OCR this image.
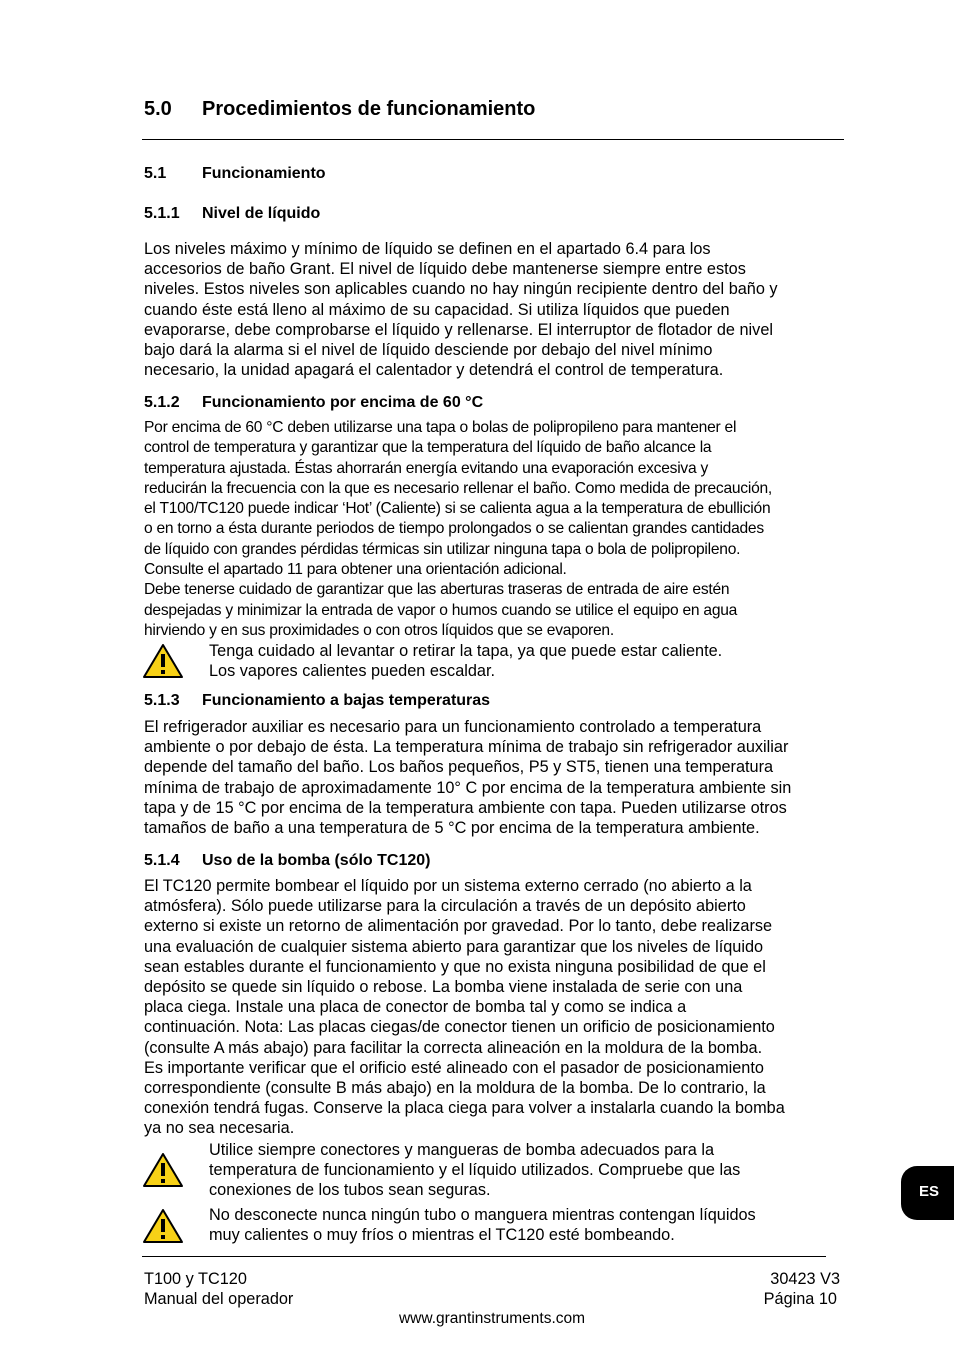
5.0 Procedimientos de funcionamiento
5.1 Funcionamiento
5.1.1 Nivel de líquido

Los niveles máximo y mínimo de líquido se definen en el apartado 6.4 para los
accesorios de baño Grant. El nivel de líquido debe mantenerse siempre entre estos
niveles. Estos niveles son aplicables cuando no hay ningún recipiente dentro del baño y
cuando éste está lleno al máximo de su capacidad. Si utiliza líquidos que pueden
evaporarse, debe comprobarse el líquido y rellenarse. El interruptor de flotador de nivel
bajo dará la alarma si el nivel de líquido desciende por debajo del nivel mínimo
necesario, la unidad apagará el calentador y detendrá el control de temperatura.

5.1.2 Funcionamiento por encima de 60 °C

Por encima de 60 °C deben utilizarse una tapa o bolas de polipropileno para mantener el
control de temperatura y garantizar que la temperatura del líquido de baño alcance la
temperatura ajustada. Éstas ahorrarán energía evitando una evaporación excesiva y
reducirán la frecuencia con la que es necesario rellenar el baño. Como medida de precaución,
el T100/TC120 puede indicar ‘Hot’ (Caliente) si se calienta agua a la temperatura de ebullición
o en torno a ésta durante periodos de tiempo prolongados o se calientan grandes cantidades
de líquido con grandes pérdidas térmicas sin utilizar ninguna tapa o bola de polipropileno.
Consulte el apartado 11 para obtener una orientación adicional.
Debe tenerse cuidado de garantizar que las aberturas traseras de entrada de aire estén
despejadas y minimizar la entrada de vapor o humos cuando se utilice el equipo en agua
hirviendo y en sus proximidades o con otros líquidos que se evaporen.

Tenga cuidado al levantar o retirar la tapa, ya que puede estar caliente.
Los vapores calientes pueden escaldar.

5.1.3 Funcionamiento a bajas temperaturas

El refrigerador auxiliar es necesario para un funcionamiento controlado a temperatura
ambiente o por debajo de ésta. La temperatura mínima de trabajo sin refrigerador auxiliar
depende del tamaño del baño. Los baños pequeños, P5 y ST5, tienen una temperatura
mínima de trabajo de aproximadamente 10° C por encima de la temperatura ambiente sin
tapa y de 15 °C por encima de la temperatura ambiente con tapa. Pueden utilizarse otros
tamaños de baño a una temperatura de 5 °C por encima de la temperatura ambiente.

5.1.4 Uso de la bomba (sólo TC120)

El TC120 permite bombear el líquido por un sistema externo cerrado (no abierto a la
atmósfera). Sólo puede utilizarse para la circulación a través de un depósito abierto
externo si existe un retorno de alimentación por gravedad. Por lo tanto, debe realizarse
una evaluación de cualquier sistema abierto para garantizar que los niveles de líquido
sean estables durante el funcionamiento y que no exista ninguna posibilidad de que el
depósito se quede sin líquido o rebose. La bomba viene instalada de serie con una
placa ciega. Instale una placa de conector de bomba tal y como se indica a
continuación. Nota: Las placas ciegas/de conector tienen un orificio de posicionamiento
(consulte A más abajo) para facilitar la correcta alineación en la moldura de la bomba.
Es importante verificar que el orificio esté alineado con el pasador de posicionamiento
correspondiente (consulte B más abajo) en la moldura de la bomba. De lo contrario, la
conexión tendrá fugas. Conserve la placa ciega para volver a instalarla cuando la bomba
ya no sea necesaria.

Utilice siempre conectores y mangueras de bomba adecuados para la
temperatura de funcionamiento y el líquido utilizados. Compruebe que las
conexiones de los tubos sean seguras.

No desconecte nunca ningún tubo o manguera mientras contengan líquidos
muy calientes o muy fríos o mientras el TC120 esté bombeando.

ES

T100 y TC120

Manual del operador

30423 V3

Página 10

www.grantinstruments.com
